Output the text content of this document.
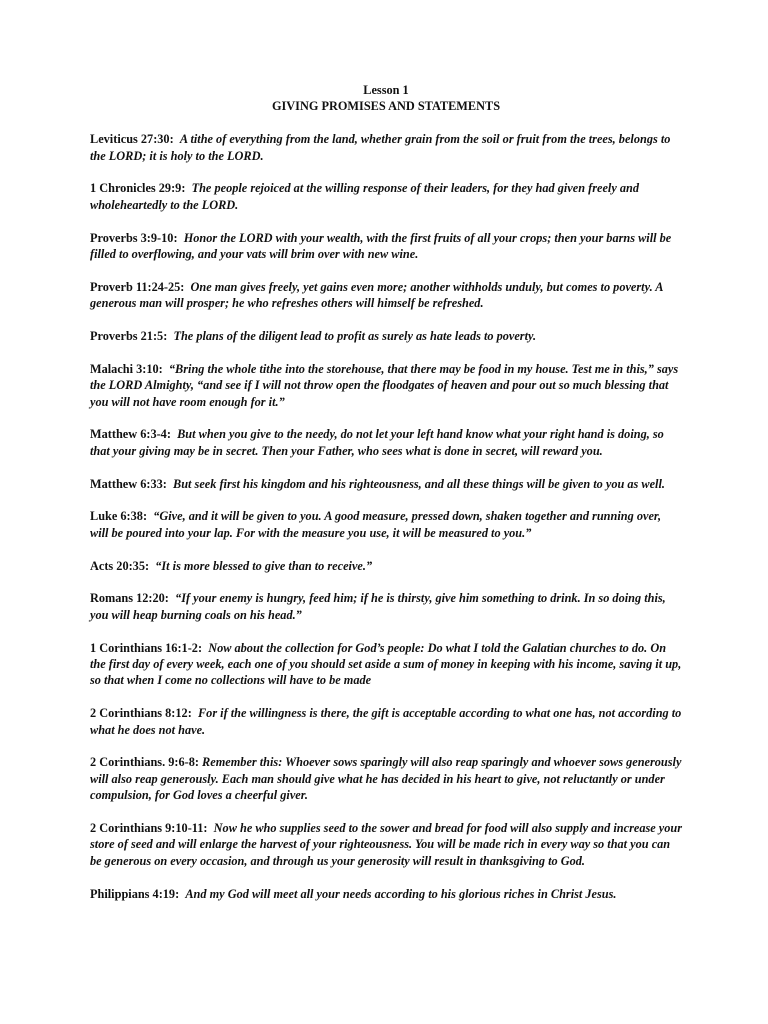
Lesson 1

GIVING PROMISES AND STATEMENTS

Leviticus 27:30: A tithe of everything from the land, whether grain from the soil or fruit from the trees, belongs to the LORD; it is holy to the LORD.

1 Chronicles 29:9: The people rejoiced at the willing response of their leaders, for they had given freely and wholeheartedly to the LORD.

Proverbs 3:9-10: Honor the LORD with your wealth, with the first fruits of all your crops; then your barns will be filled to overflowing, and your vats will brim over with new wine.

Proverb 11:24-25: One man gives freely, yet gains even more; another withholds unduly, but comes to poverty. A generous man will prosper; he who refreshes others will himself be refreshed.

Proverbs 21:5: The plans of the diligent lead to profit as surely as hate leads to poverty.

Malachi 3:10: “Bring the whole tithe into the storehouse, that there may be food in my house. Test me in this,” says the LORD Almighty, “and see if I will not throw open the floodgates of heaven and pour out so much blessing that you will not have room enough for it.”

Matthew 6:3-4: But when you give to the needy, do not let your left hand know what your right hand is doing, so that your giving may be in secret. Then your Father, who sees what is done in secret, will reward you.

Matthew 6:33: But seek first his kingdom and his righteousness, and all these things will be given to you as well.

Luke 6:38: “Give, and it will be given to you. A good measure, pressed down, shaken together and running over, will be poured into your lap. For with the measure you use, it will be measured to you.”

Acts 20:35: “It is more blessed to give than to receive.”

Romans 12:20: “If your enemy is hungry, feed him; if he is thirsty, give him something to drink. In so doing this, you will heap burning coals on his head.”

1 Corinthians 16:1-2: Now about the collection for God’s people: Do what I told the Galatian churches to do. On the first day of every week, each one of you should set aside a sum of money in keeping with his income, saving it up, so that when I come no collections will have to be made

2 Corinthians 8:12: For if the willingness is there, the gift is acceptable according to what one has, not according to what he does not have.

2 Corinthians. 9:6-8: Remember this: Whoever sows sparingly will also reap sparingly and whoever sows generously will also reap generously. Each man should give what he has decided in his heart to give, not reluctantly or under compulsion, for God loves a cheerful giver.

2 Corinthians 9:10-11: Now he who supplies seed to the sower and bread for food will also supply and increase your store of seed and will enlarge the harvest of your righteousness. You will be made rich in every way so that you can be generous on every occasion, and through us your generosity will result in thanksgiving to God.

Philippians 4:19: And my God will meet all your needs according to his glorious riches in Christ Jesus.
